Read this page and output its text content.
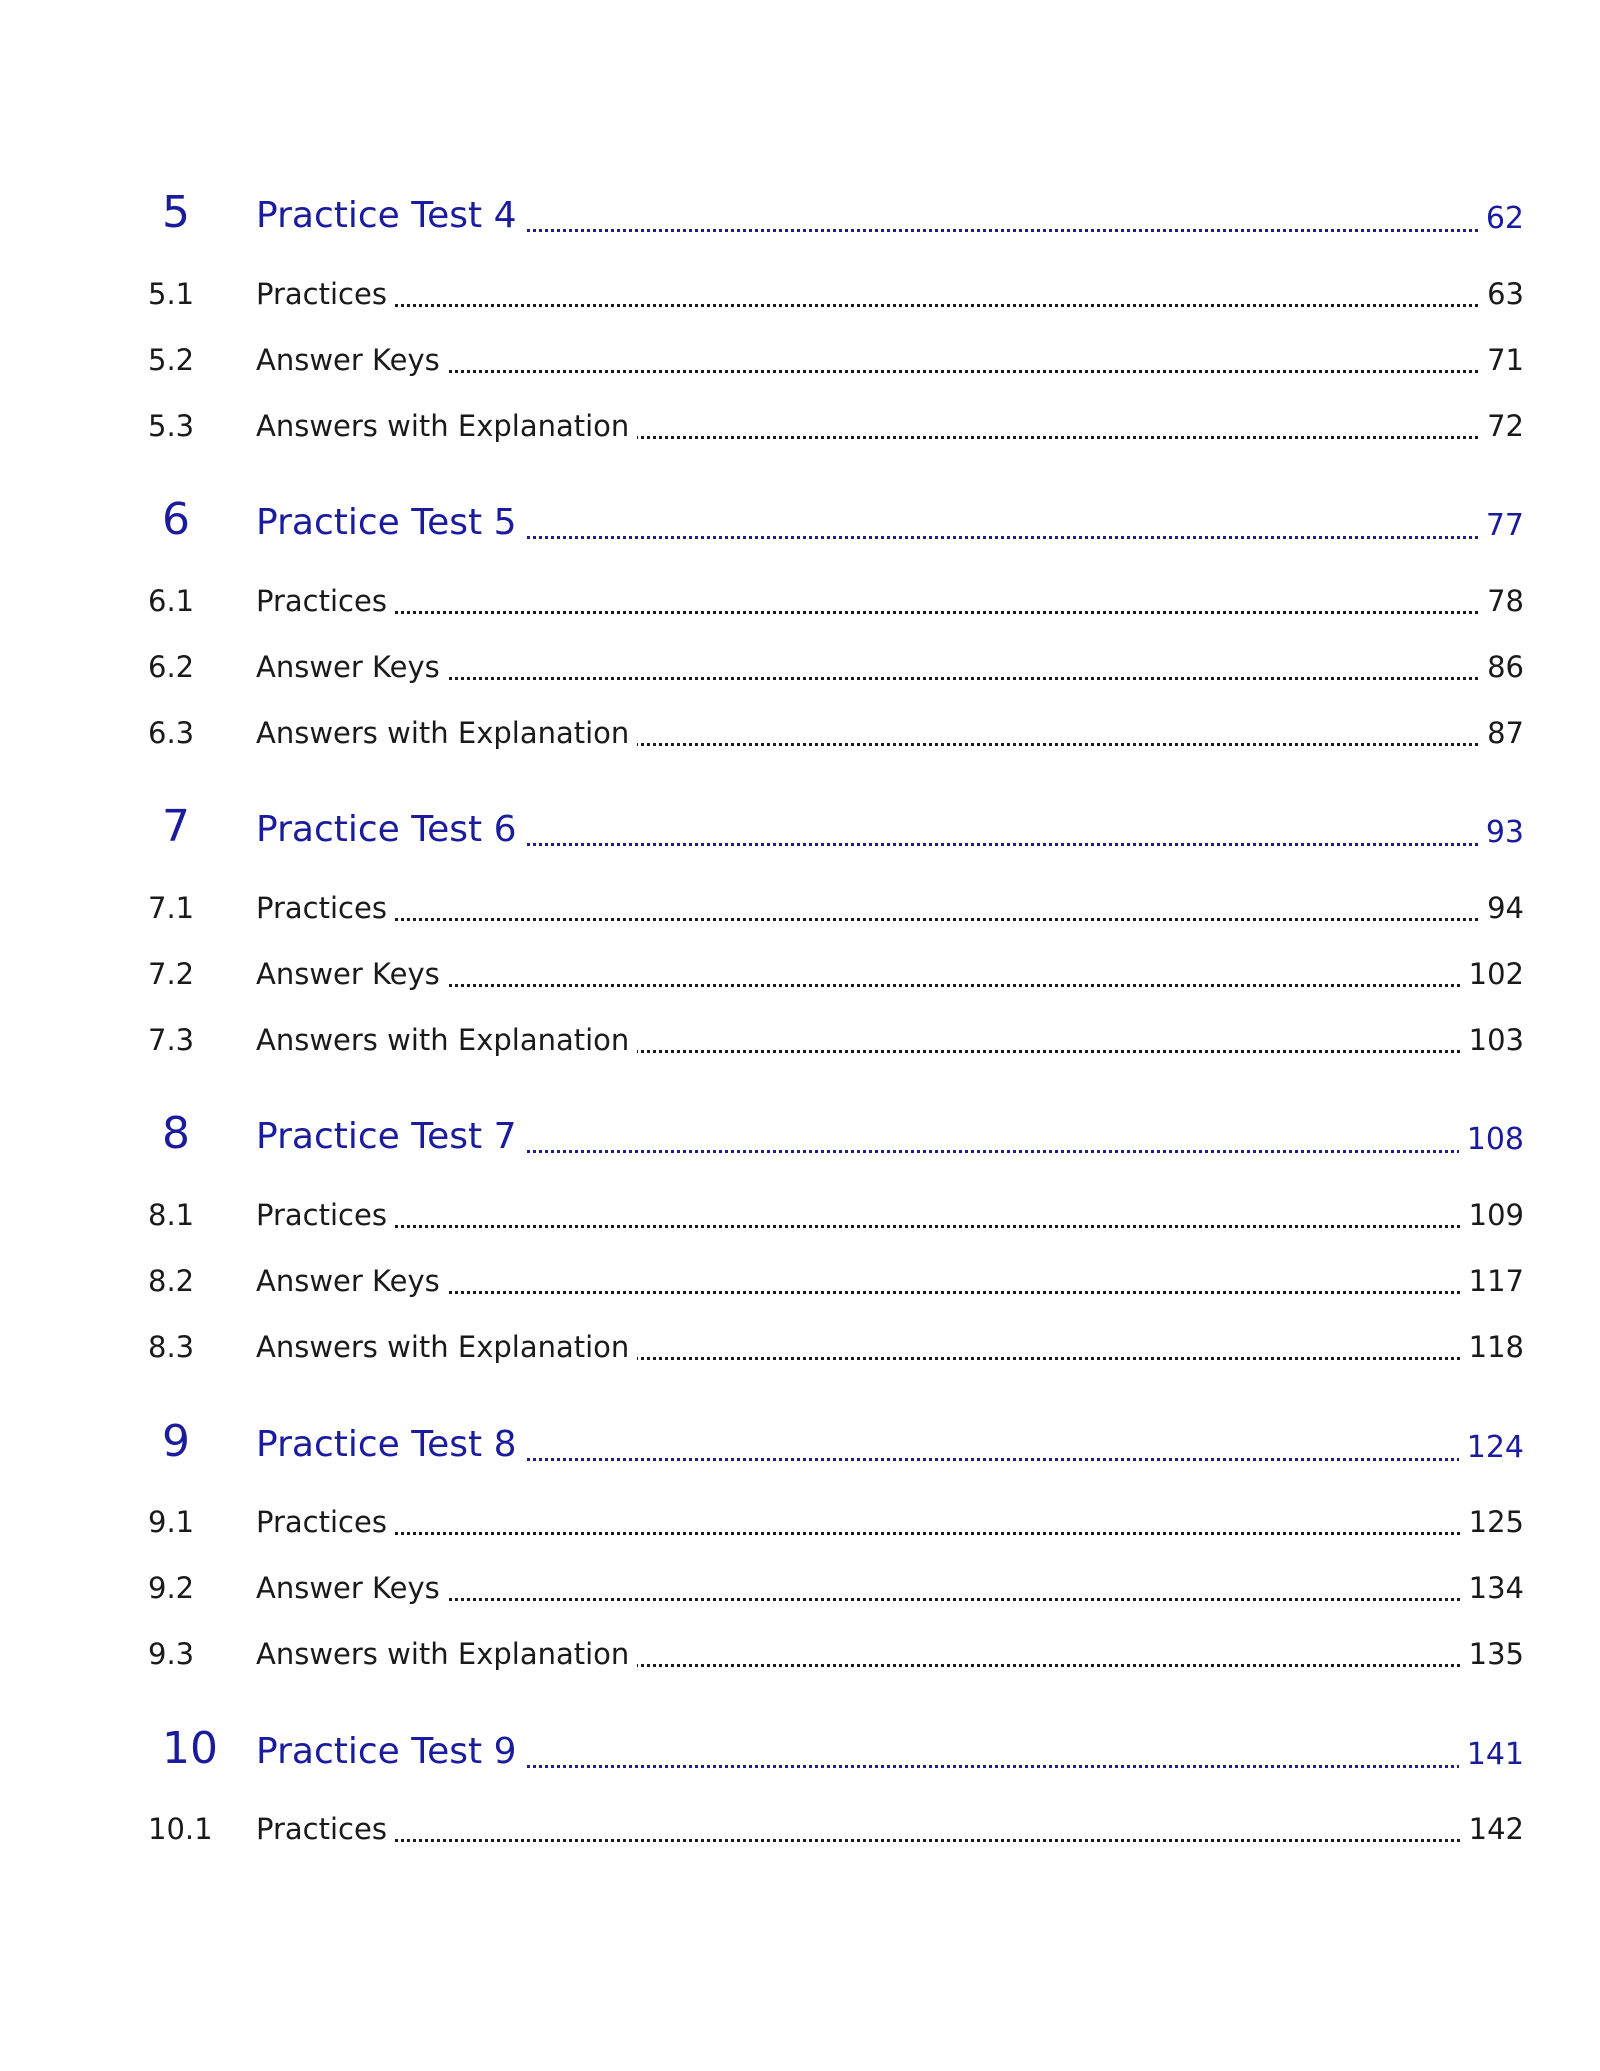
5 Practice Test 4	62
5.1 Practices	63
5.2 Answer Keys	71
5.3 Answers with Explanation	72
6 Practice Test 5	77
6.1 Practices	78
6.2 Answer Keys	86
6.3 Answers with Explanation	87
7 Practice Test 6	93
7.1 Practices	94
7.2 Answer Keys	102
7.3 Answers with Explanation	103
8 Practice Test 7	108
8.1 Practices	109
8.2 Answer Keys	117
8.3 Answers with Explanation	118
9 Practice Test 8	124
9.1 Practices	125
9.2 Answer Keys	134
9.3 Answers with Explanation	135
10 Practice Test 9	141
10.1 Practices	142
